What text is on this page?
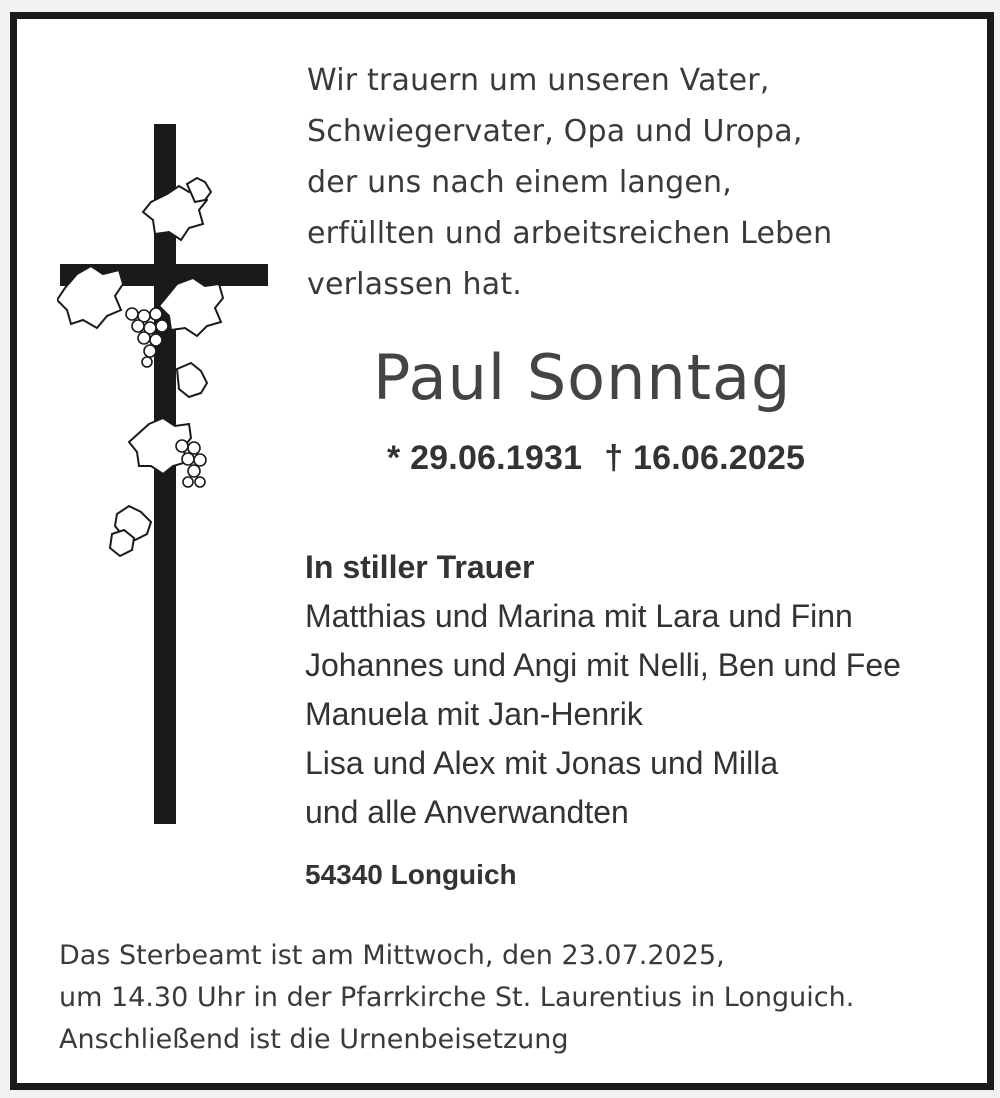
Wir trauern um unseren Vater,
Schwiegervater, Opa und Uropa,
der uns nach einem langen,
erfüllten und arbeitsreichen Leben
verlassen hat.
Paul Sonntag
* 29.06.1931 † 16.06.2025
In stiller Trauer
Matthias und Marina mit Lara und Finn
Johannes und Angi mit Nelli, Ben und Fee
Manuela mit Jan-Henrik
Lisa und Alex mit Jonas und Milla
und alle Anverwandten
54340 Longuich
Das Sterbeamt ist am Mittwoch, den 23.07.2025,
um 14.30 Uhr in der Pfarrkirche St. Laurentius in Longuich.
Anschließend ist die Urnenbeisetzung
